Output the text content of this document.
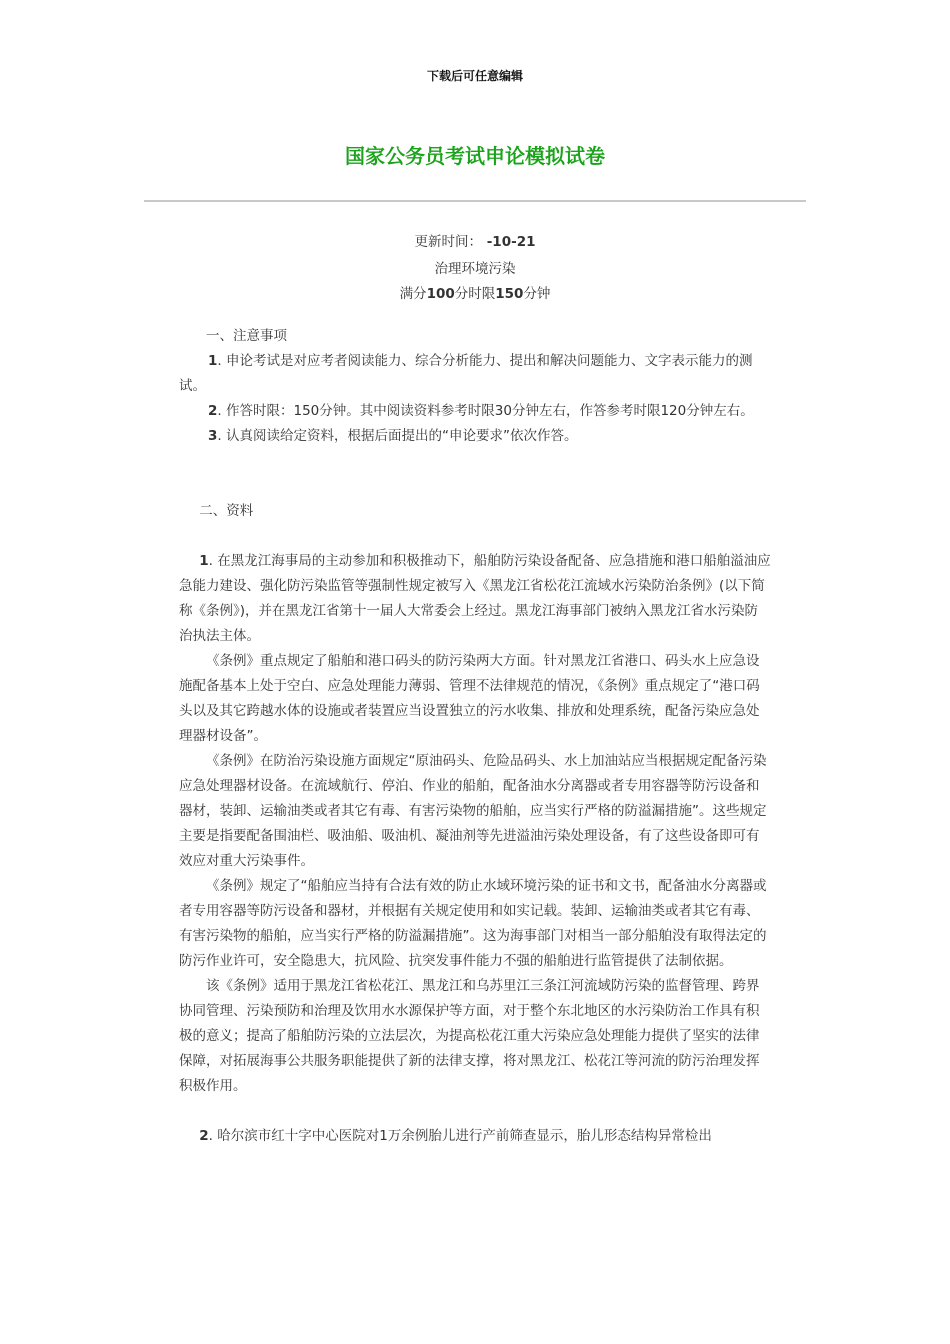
下载后可任意编辑
国家公务员考试申论模拟试卷
更新时间： -10-21
治理环境污染
满分100分时限150分钟

一、注意事项

1. 申论考试是对应考者阅读能力、综合分析能力、提出和解决问题能力、文字表示能力的测试。

2. 作答时限：150分钟。其中阅读资料参考时限30分钟左右，作答参考时限120分钟左右。

3. 认真阅读给定资料，根据后面提出的“申论要求”依次作答。

二、资料

1. 在黑龙江海事局的主动参加和积极推动下，船舶防污染设备配备、应急措施和港口船舶溢油应急能力建设、强化防污染监管等强制性规定被写入《黑龙江省松花江流域水污染防治条例》(以下简称《条例》)，并在黑龙江省第十一届人大常委会上经过。黑龙江海事部门被纳入黑龙江省水污染防治执法主体。

《条例》重点规定了船舶和港口码头的防污染两大方面。针对黑龙江省港口、码头水上应急设施配备基本上处于空白、应急处理能力薄弱、管理不法律规范的情况，《条例》重点规定了“港口码头以及其它跨越水体的设施或者装置应当设置独立的污水收集、排放和处理系统，配备污染应急处理器材设备”。

《条例》在防治污染设施方面规定“原油码头、危险品码头、水上加油站应当根据规定配备污染应急处理器材设备。在流域航行、停泊、作业的船舶，配备油水分离器或者专用容器等防污设备和器材，装卸、运输油类或者其它有毒、有害污染物的船舶，应当实行严格的防溢漏措施”。这些规定主要是指要配备围油栏、吸油船、吸油机、凝油剂等先进溢油污染处理设备，有了这些设备即可有效应对重大污染事件。

《条例》规定了“船舶应当持有合法有效的防止水域环境污染的证书和文书，配备油水分离器或者专用容器等防污设备和器材，并根据有关规定使用和如实记载。装卸、运输油类或者其它有毒、有害污染物的船舶，应当实行严格的防溢漏措施”。这为海事部门对相当一部分船舶没有取得法定的防污作业许可，安全隐患大，抗风险、抗突发事件能力不强的船舶进行监管提供了法制依据。

该《条例》适用于黑龙江省松花江、黑龙江和乌苏里江三条江河流域防污染的监督管理、跨界协同管理、污染预防和治理及饮用水水源保护等方面，对于整个东北地区的水污染防治工作具有积极的意义；提高了船舶防污染的立法层次，为提高松花江重大污染应急处理能力提供了坚实的法律保障，对拓展海事公共服务职能提供了新的法律支撑，将对黑龙江、松花江等河流的防污治理发挥积极作用。

2. 哈尔滨市红十字中心医院对1万余例胎儿进行产前筛查显示，胎儿形态结构异常检出
